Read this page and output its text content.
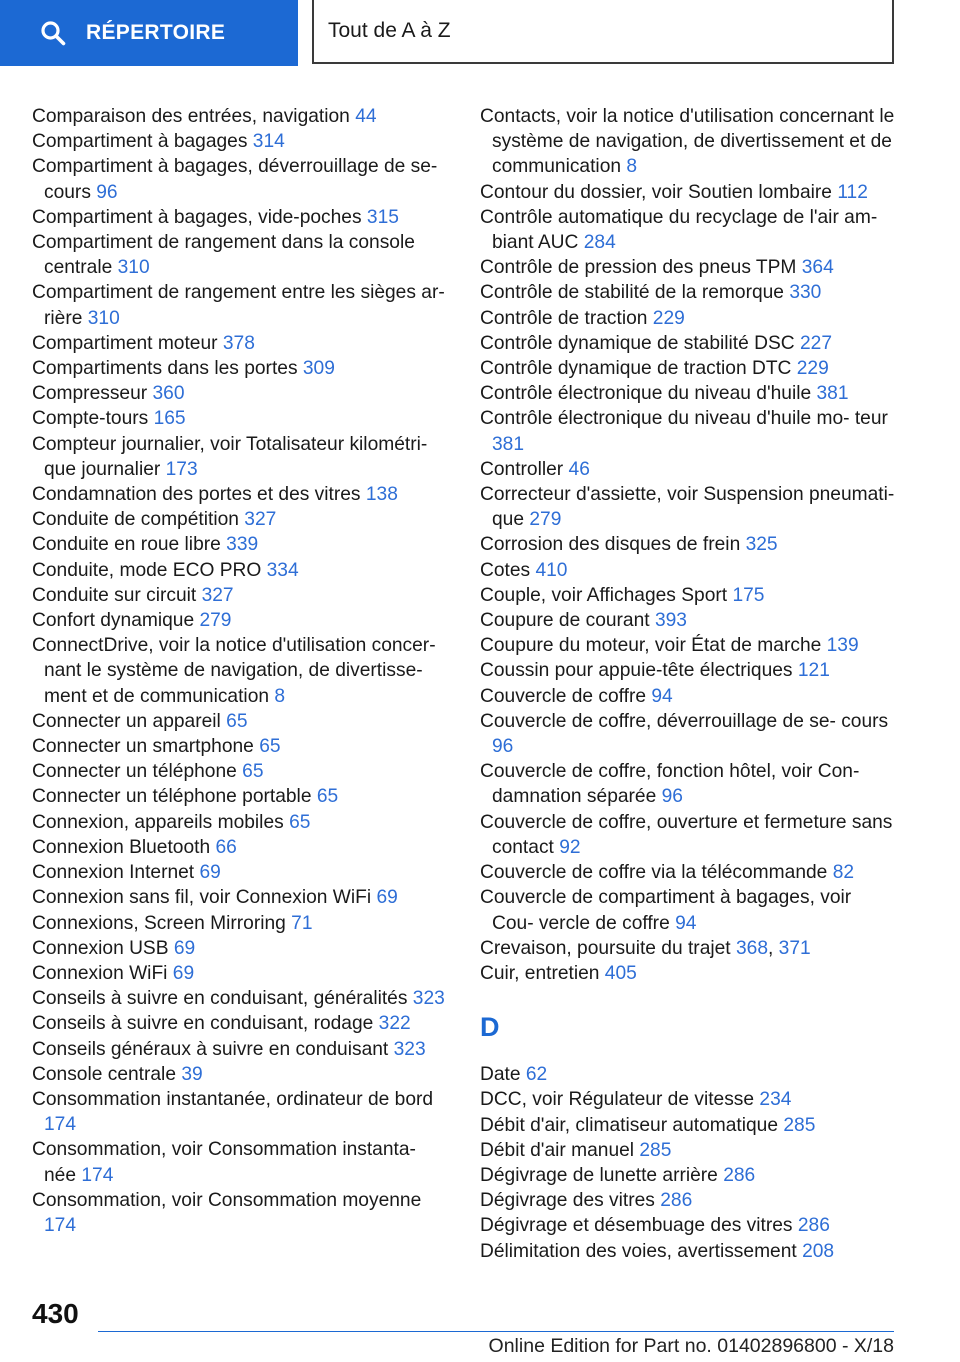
RÉPERTOIRE	Tout de A à Z
Comparaison des entrées, navigation 44
Compartiment à bagages 314
Compartiment à bagages, déverrouillage de se‐ cours 96
Compartiment à bagages, vide-poches 315
Compartiment de rangement dans la console centrale 310
Compartiment de rangement entre les sièges ar‐ rière 310
Compartiment moteur 378
Compartiments dans les portes 309
Compresseur 360
Compte-tours 165
Compteur journalier, voir Totalisateur kilométri‐ que journalier 173
Condamnation des portes et des vitres 138
Conduite de compétition 327
Conduite en roue libre 339
Conduite, mode ECO PRO 334
Conduite sur circuit 327
Confort dynamique 279
ConnectDrive, voir la notice d'utilisation concer‐ nant le système de navigation, de divertisse‐ ment et de communication 8
Connecter un appareil 65
Connecter un smartphone 65
Connecter un téléphone 65
Connecter un téléphone portable 65
Connexion, appareils mobiles 65
Connexion Bluetooth 66
Connexion Internet 69
Connexion sans fil, voir Connexion WiFi 69
Connexions, Screen Mirroring 71
Connexion USB 69
Connexion WiFi 69
Conseils à suivre en conduisant, généralités 323
Conseils à suivre en conduisant, rodage 322
Conseils généraux à suivre en conduisant 323
Console centrale 39
Consommation instantanée, ordinateur de bord 174
Consommation, voir Consommation instanta‐ née 174
Consommation, voir Consommation moyenne 174
Contacts, voir la notice d'utilisation concernant le système de navigation, de divertissement et de communication 8
Contour du dossier, voir Soutien lombaire 112
Contrôle automatique du recyclage de l'air am‐ biant AUC 284
Contrôle de pression des pneus TPM 364
Contrôle de stabilité de la remorque 330
Contrôle de traction 229
Contrôle dynamique de stabilité DSC 227
Contrôle dynamique de traction DTC 229
Contrôle électronique du niveau d'huile 381
Contrôle électronique du niveau d'huile mo‐ teur 381
Controller 46
Correcteur d'assiette, voir Suspension pneumati‐ que 279
Corrosion des disques de frein 325
Cotes 410
Couple, voir Affichages Sport 175
Coupure de courant 393
Coupure du moteur, voir État de marche 139
Coussin pour appuie-tête électriques 121
Couvercle de coffre 94
Couvercle de coffre, déverrouillage de se‐ cours 96
Couvercle de coffre, fonction hôtel, voir Con‐ damnation séparée 96
Couvercle de coffre, ouverture et fermeture sans contact 92
Couvercle de coffre via la télécommande 82
Couvercle de compartiment à bagages, voir Cou‐ vercle de coffre 94
Crevaison, poursuite du trajet 368, 371
Cuir, entretien 405
D
Date 62
DCC, voir Régulateur de vitesse 234
Débit d'air, climatiseur automatique 285
Débit d'air manuel 285
Dégivrage de lunette arrière 286
Dégivrage des vitres 286
Dégivrage et désembuage des vitres 286
Délimitation des voies, avertissement 208
430
Online Edition for Part no. 01402896800 - X/18
